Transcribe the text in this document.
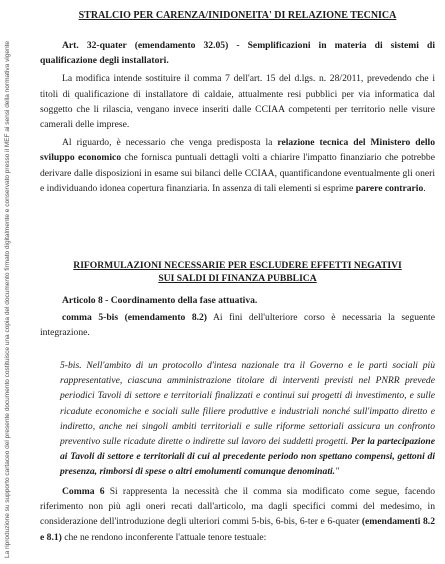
La riproduzione su supporto cartaceo del presente documento costituisce una copia del documento firmato digitalmente e conservato presso il MEF ai sensi della normativa vigente
STRALCIO PER CARENZA/INIDONEITA' DI RELAZIONE TECNICA

Art. 32-quater (emendamento 32.05) - Semplificazioni in materia di sistemi di qualificazione degli installatori.

La modifica intende sostituire il comma 7 dell'art. 15 del d.lgs. n. 28/2011, prevedendo che i titoli di qualificazione di installatore di caldaie, attualmente resi pubblici per via informatica dal soggetto che li rilascia, vengano invece inseriti dalle CCIAA competenti per territorio nelle visure camerali delle imprese.

Al riguardo, è necessario che venga predisposta la relazione tecnica del Ministero dello sviluppo economico che fornisca puntuali dettagli volti a chiarire l'impatto finanziario che potrebbe derivare dalle disposizioni in esame sui bilanci delle CCIAA, quantificandone eventualmente gli oneri e individuando idonea copertura finanziaria. In assenza di tali elementi si esprime parere contrario.

RIFORMULAZIONI NECESSARIE PER ESCLUDERE EFFETTI NEGATIVI
SUI SALDI DI FINANZA PUBBLICA

Articolo 8 - Coordinamento della fase attuativa.

comma 5-bis (emendamento 8.2) Ai fini dell'ulteriore corso è necessaria la seguente integrazione.

5-bis. Nell'ambito di un protocollo d'intesa nazionale tra il Governo e le parti sociali più rappresentative, ciascuna amministrazione titolare di interventi previsti nel PNRR prevede periodici Tavoli di settore e territoriali finalizzati e continui sui progetti di investimento, e sulle ricadute economiche e sociali sulle filiere produttive e industriali nonché sull'impatto diretto e indiretto, anche nei singoli ambiti territoriali e sulle riforme settoriali assicura un confronto preventivo sulle ricadute dirette o indirette sul lavoro dei suddetti progetti. Per la partecipazione ai Tavoli di settore e territoriali di cui al precedente periodo non spettano compensi, gettoni di presenza, rimborsi di spese o altri emolumenti comunque denominati."

Comma 6 Si rappresenta la necessità che il comma sia modificato come segue, facendo riferimento non più agli oneri recati dall'articolo, ma dagli specifici commi del medesimo, in considerazione dell'introduzione degli ulteriori commi 5-bis, 6-bis, 6-ter e 6-quater (emendamenti 8.2 e 8.1) che ne rendono inconferente l'attuale tenore testuale:
